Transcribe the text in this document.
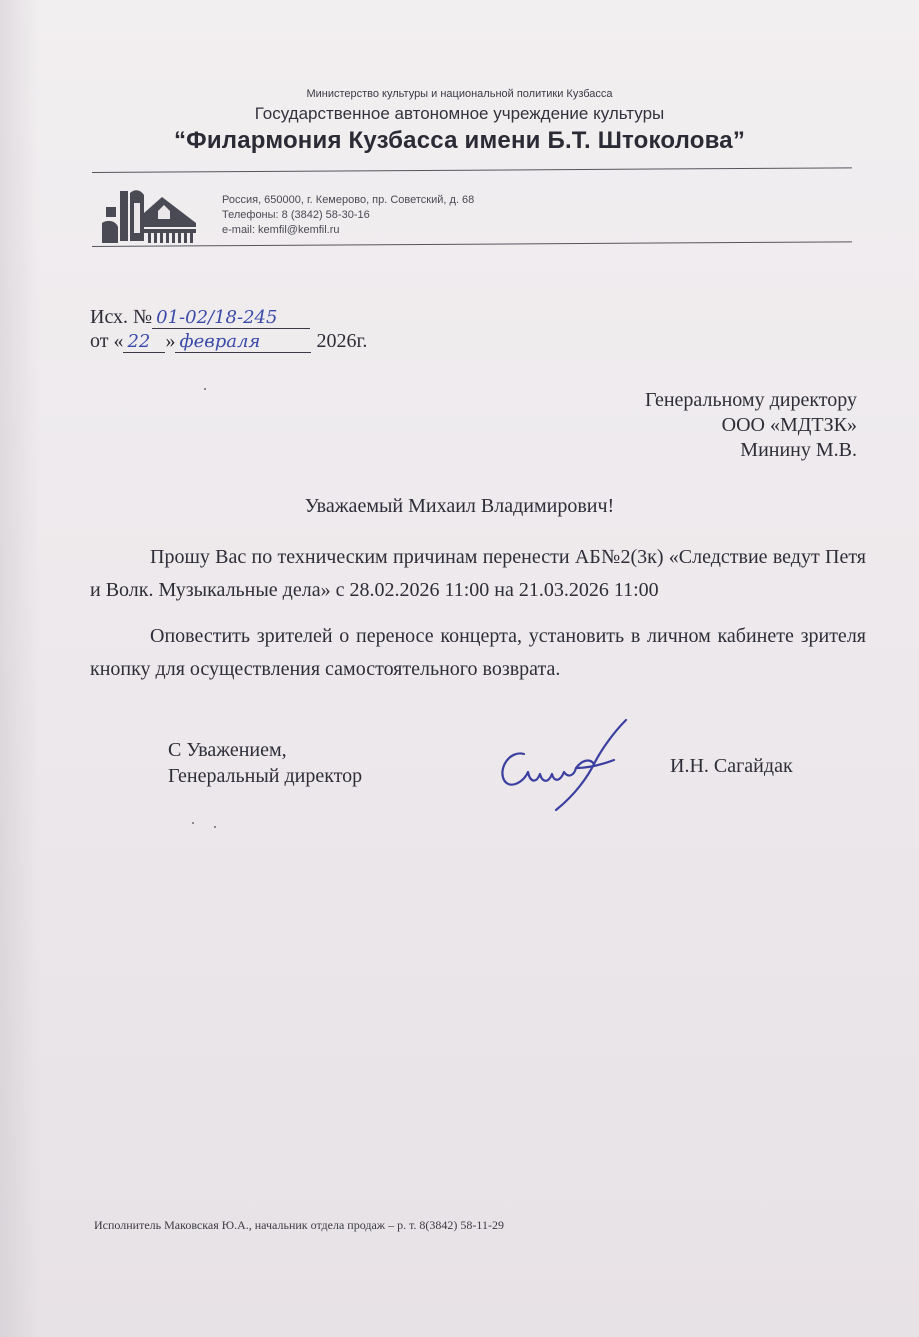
Министерство культуры и национальной политики Кузбасса
Государственное автономное учреждение культуры
“Филармония Кузбасса имени Б.Т. Штоколова”
Россия, 650000, г. Кемерово, пр. Советский, д. 68
Телефоны: 8 (3842) 58-30-16
e-mail: kemfil@kemfil.ru
Исх. № 01-02/18-245
от « 22 » февраля	2026г.
Генеральному директору
ООО «МДТЗК»
Минину М.В.
Уважаемый Михаил Владимирович!
Прошу Вас по техническим причинам перенести АБ№2(3к) «Следствие ведут Петя и Волк. Музыкальные дела» с 28.02.2026 11:00 на 21.03.2026 11:00
Оповестить зрителей о переносе концерта, установить в личном кабинете зрителя кнопку для осуществления самостоятельного возврата.
С Уважением,
Генеральный директор	И.Н. Сагайдак
Исполнитель Маковская Ю.А., начальник отдела продаж – р. т. 8(3842) 58-11-29
